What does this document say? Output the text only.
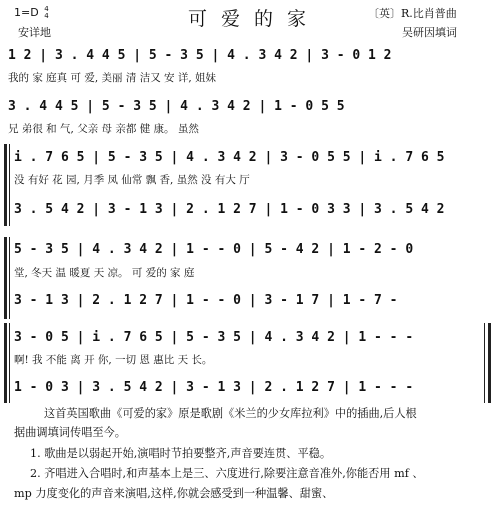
1=D 4
4
安详地
可爱的家	〔英〕R.比肖普曲
吴研因填词
1 2 | 3 . 4 4 5 | 5 - 3 5 | 4 . 3 4 2 | 3 - 0 1 2
我的 家 庭真 可 爱, 美丽 清 洁又 安 详, 姐妹
3 . 4 4 5 | 5 - 3 5 | 4 . 3 4 2 | 1 - 0 5 5
兄 弟很 和 气, 父亲 母 亲都 健 康。 虽然
i . 7 6 5 | 5 - 3 5 | 4 . 3 4 2 | 3 - 0 5 5 | i . 7 6 5
没 有好 花 园, 月季 凤 仙常 飘 香, 虽然 没 有大 厅
3 . 5 4 2 | 3 - 1 3 | 2 . 1 2 7 | 1 - 0 3 3 | 3 . 5 4 2
5 - 3 5 | 4 . 3 4 2 | 1 - - 0 | 5 - 4 2 | 1 - 2 - 0
堂, 冬天 温 暖夏 天 凉。 可 爱的 家 庭
3 - 1 3 | 2 . 1 2 7 | 1 - - 0 | 3 - 1 7 | 1 - 7 -
3 - 0 5 | i . 7 6 5 | 5 - 3 5 | 4 . 3 4 2 | 1 - - -
啊! 我 不能 离 开 你, 一切 恩 惠比 天 长。
1 - 0 3 | 3 . 5 4 2 | 3 - 1 3 | 2 . 1 2 7 | 1 - - -
这首英国歌曲《可爱的家》原是歌剧《米兰的少女库拉利》中的插曲,后人根
据曲调填词传唱至今。
1. 歌曲是以弱起开始,演唱时节拍要整齐,声音要连贯、平稳。
2. 齐唱进入合唱时,和声基本上是三、六度进行,除要注意音准外,你能否用 mf 、
mp 力度变化的声音来演唱,这样,你就会感受到一种温馨、甜蜜、
